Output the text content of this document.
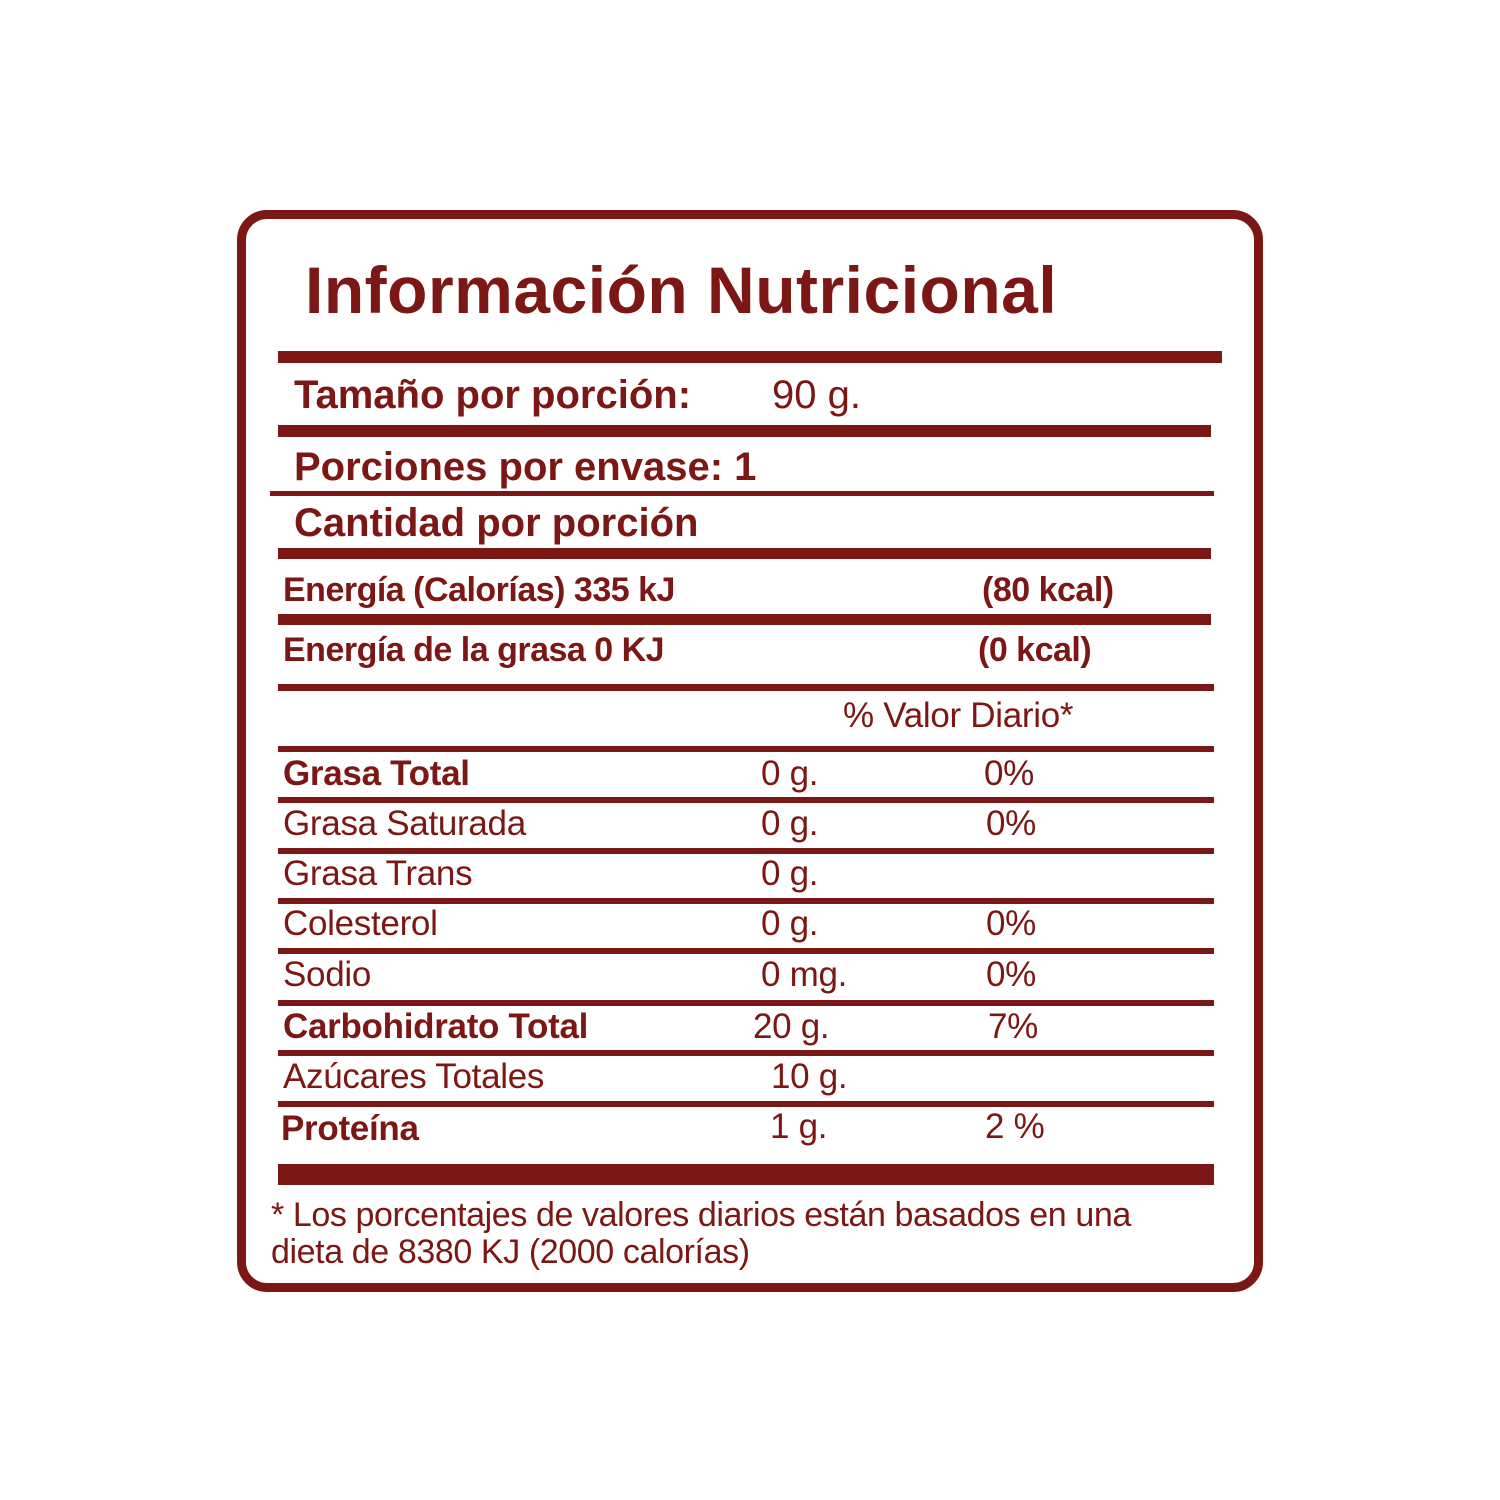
Información Nutricional
Tamaño por porción: 90 g.
Porciones por envase: 1
Cantidad por porción
Energía (Calorías) 335 kJ	(80 kcal)
Energía de la grasa 0 KJ	(0 kcal)
% Valor Diario*
Grasa Total	0 g.	0%
Grasa Saturada	0 g.	0%
Grasa Trans	0 g.
Colesterol	0 g.	0%
Sodio	0 mg.	0%
Carbohidrato Total	20 g.	7%
Azúcares Totales	10 g.
Proteína	1 g.	2 %
* Los porcentajes de valores diarios están basados en una
dieta de 8380 KJ (2000 calorías)
